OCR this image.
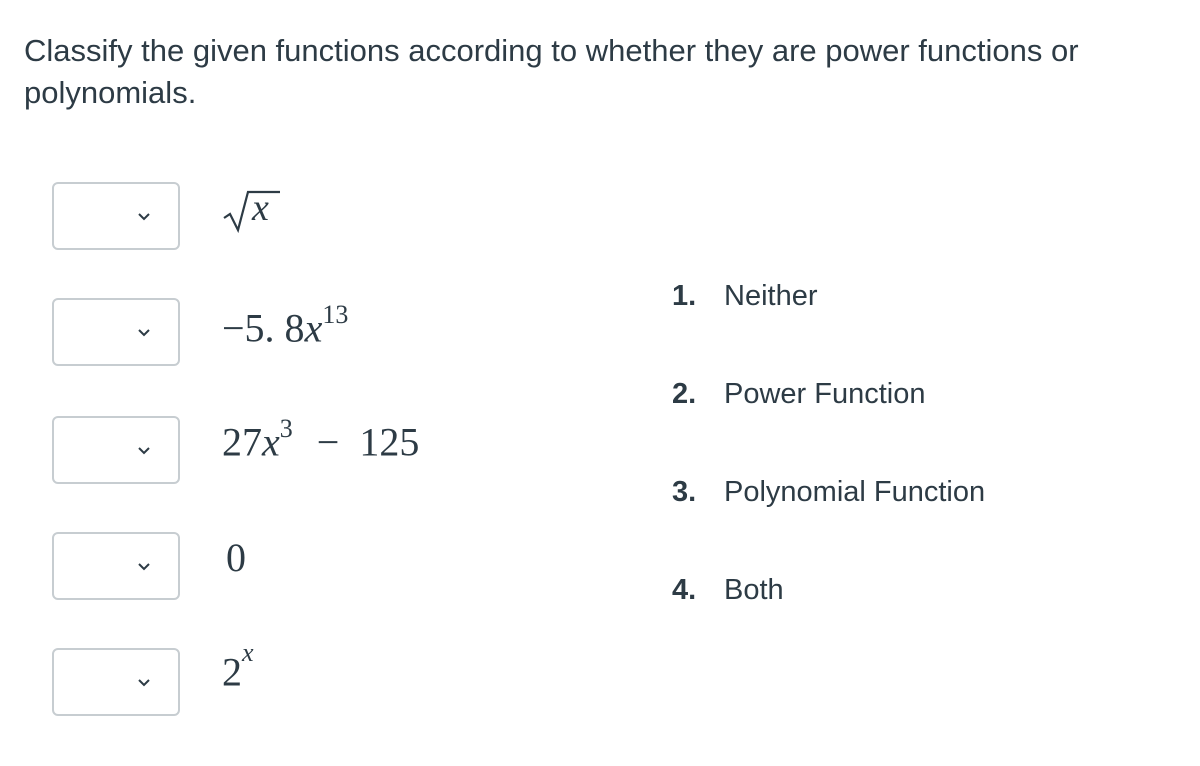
Classify the given functions according to whether they are power functions or polynomials.
x
−5. $8x^{13}$
$27x^3 - 125$
0
2$^x$
1. Neither
2. Power Function
3. Polynomial Function
4. Both
